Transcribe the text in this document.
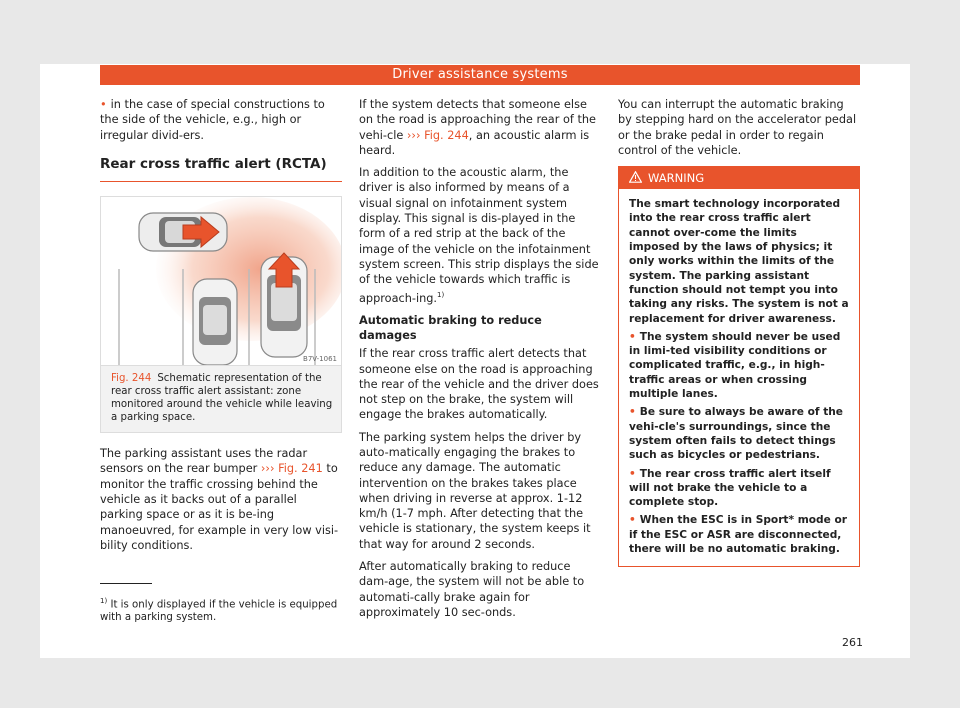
Driver assistance systems

• in the case of special constructions to the side of the vehicle, e.g., high or irregular divid-ers.

Rear cross traffic alert (RCTA)
B7V-1061
Fig. 244 Schematic representation of the rear cross traffic alert assistant: zone monitored around the vehicle while leaving a parking space.

The parking assistant uses the radar sensors on the rear bumper ››› Fig. 241 to monitor the traffic crossing behind the vehicle as it backs out of a parallel parking space or as it is be-ing manoeuvred, for example in very low visi-bility conditions.

If the system detects that someone else on the road is approaching the rear of the vehi-cle ››› Fig. 244, an acoustic alarm is heard.

In addition to the acoustic alarm, the driver is also informed by means of a visual signal on infotainment system display. This signal is dis-played in the form of a red strip at the back of the image of the vehicle on the infotainment system screen. This strip displays the side of the vehicle towards which traffic is approach-ing.$^{1)}$

Automatic braking to reduce damages

If the rear cross traffic alert detects that someone else on the road is approaching the rear of the vehicle and the driver does not step on the brake, the system will engage the brakes automatically.

The parking system helps the driver by auto-matically engaging the brakes to reduce any damage. The automatic intervention on the brakes takes place when driving in reverse at approx. 1-12 km/h (1-7 mph. After detecting that the vehicle is stationary, the system keeps it that way for around 2 seconds.

After automatically braking to reduce dam-age, the system will not be able to automati-cally brake again for approximately 10 sec-onds.

You can interrupt the automatic braking by stepping hard on the accelerator pedal or the brake pedal in order to regain control of the vehicle.

WARNING

The smart technology incorporated into the rear cross traffic alert cannot over-come the limits imposed by the laws of physics; it only works within the limits of the system. The parking assistant function should not tempt you into taking any risks. The system is not a replacement for driver awareness.

• The system should never be used in limi-ted visibility conditions or complicated traffic, e.g., in high-traffic areas or when crossing multiple lanes.

• Be sure to always be aware of the vehi-cle's surroundings, since the system often fails to detect things such as bicycles or pedestrians.

• The rear cross traffic alert itself will not brake the vehicle to a complete stop.

• When the ESC is in Sport* mode or if the ESC or ASR are disconnected, there will be no automatic braking.

$^{1)}$ It is only displayed if the vehicle is equipped with a parking system.
261
